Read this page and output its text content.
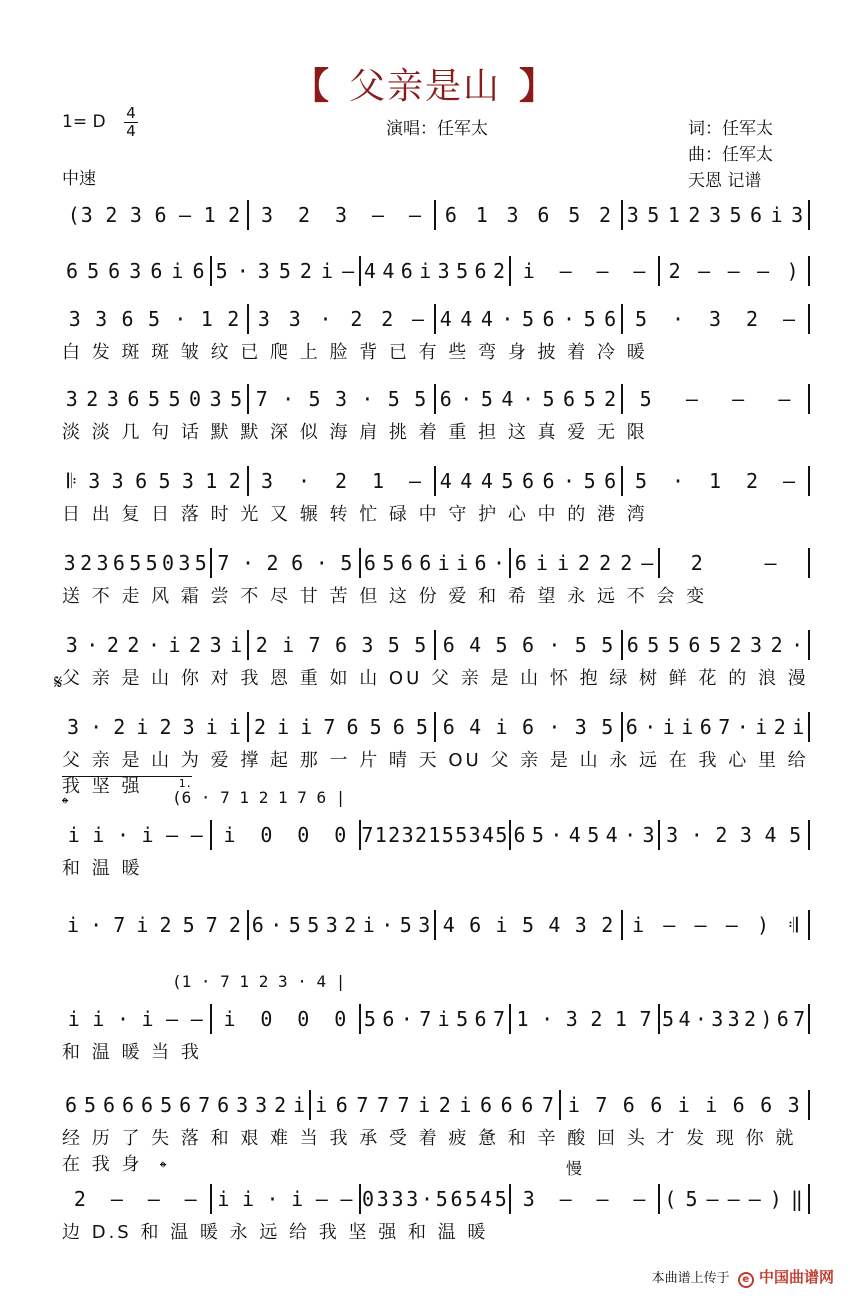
【 父亲是山 】
1= D 4
4
中速
演唱：任军太	词：任军太
曲：任军太
天恩 记谱
(3 2 3 6 – 1 2 3 2 3 – – 6 1 3 6 5 2 3 5 1 2 3 5 6 i 3
6 5 6 3 6 i 6 5 · 3 5 2 i – 4 4 6 i 3 5 6 2 i – – – 2 – – – )
3 3 6 5 · 1 2 3 3 · 2 2 – 4 4 4 · 5 6 · 5 6 5 · 3 2 –
白 发 斑 斑 皱 纹 已 爬 上 脸 背 已 有 些 弯 身 披 着 冷 暖
3 2 3 6 5 5 0 3 5 7 · 5 3 · 5 5 6 · 5 4 · 5 6 5 2 5 – – –
淡 淡 几 句 话 默 默 深 似 海 肩 挑 着 重 担 这 真 爱 无 限
𝄆 3 3 6 5 3 1 2 3 · 2 1 – 4 4 4 5 6 6 · 5 6 5 · 1 2 –
日 出 复 日 落 时 光 又 辗 转 忙 碌 中 守 护 心 中 的 港 湾
3 2 3 6 5 5 0 3 5 7 · 2 6 · 5 6 5 6 6 i i 6 · 6 i i 2 2 2 – 2	–
送 不 走 风 霜 尝 不 尽 甘 苦 但 这 份 爱 和 希 望 永 远 不 会 变
3 · 2 2 · i 2 3 i 2 i 7 6 3 5 5 6 4 5 6 · 5 5 6 5 5 6 5 2 3 2 ·
𝄋 父 亲 是 山 你 对 我 恩 重 如 山 OU 父 亲 是 山 怀 抱 绿 树 鲜 花 的 浪 漫
3 · 2 i 2 3 i i 2 i i 7 6 5 6 5 6 4 i 6 · 3 5 6 · i i 6 7 · i 2 i
父 亲 是 山 为 爱 撑 起 那 一 片 晴 天 OU 父 亲 是 山 永 远 在 我 心 里 给 我 坚 强
i i · i – – i 0 0 0 7 1 2 3 2 1 5 5 3 4 5 6 5 · 4 5 4 · 3 3 · 2 3 4 5
𝄌	(6 · 7 1 2 1 7 6 |
1.
和 温 暖
i · 7 i 2 5 7 2 6 · 5 5 3 2 i · 5 3 4 6 i 5 4 3 2 i – – – ) 𝄇
i i · i – – i 0 0 0 5 6 · 7 i 5 6 7 1 · 3 2 1 7 5 4 · 3 3 2 ) 6 7
(1 · 7 1 2 3 · 4 |
和 温 暖 当 我
6 5 6 6 6 5 6 7 6 3 3 2 i i 6 7 7 7 i 2 i 6 6 6 7 i 7 6 6 i i 6 6 3
经 历 了 失 落 和 艰 难 当 我 承 受 着 疲 惫 和 辛 酸 回 头 才 发 现 你 就 在 我 身
2 – – – i i · i – – 0 3 3 3 · 5 6 5 4 5 3 – – – ( 5 – – – ) ‖
𝄌	慢
边 D.S 和 温 暖 永 远 给 我 坚 强 和 温 暖
本曲谱上传于 e 中国曲谱网
